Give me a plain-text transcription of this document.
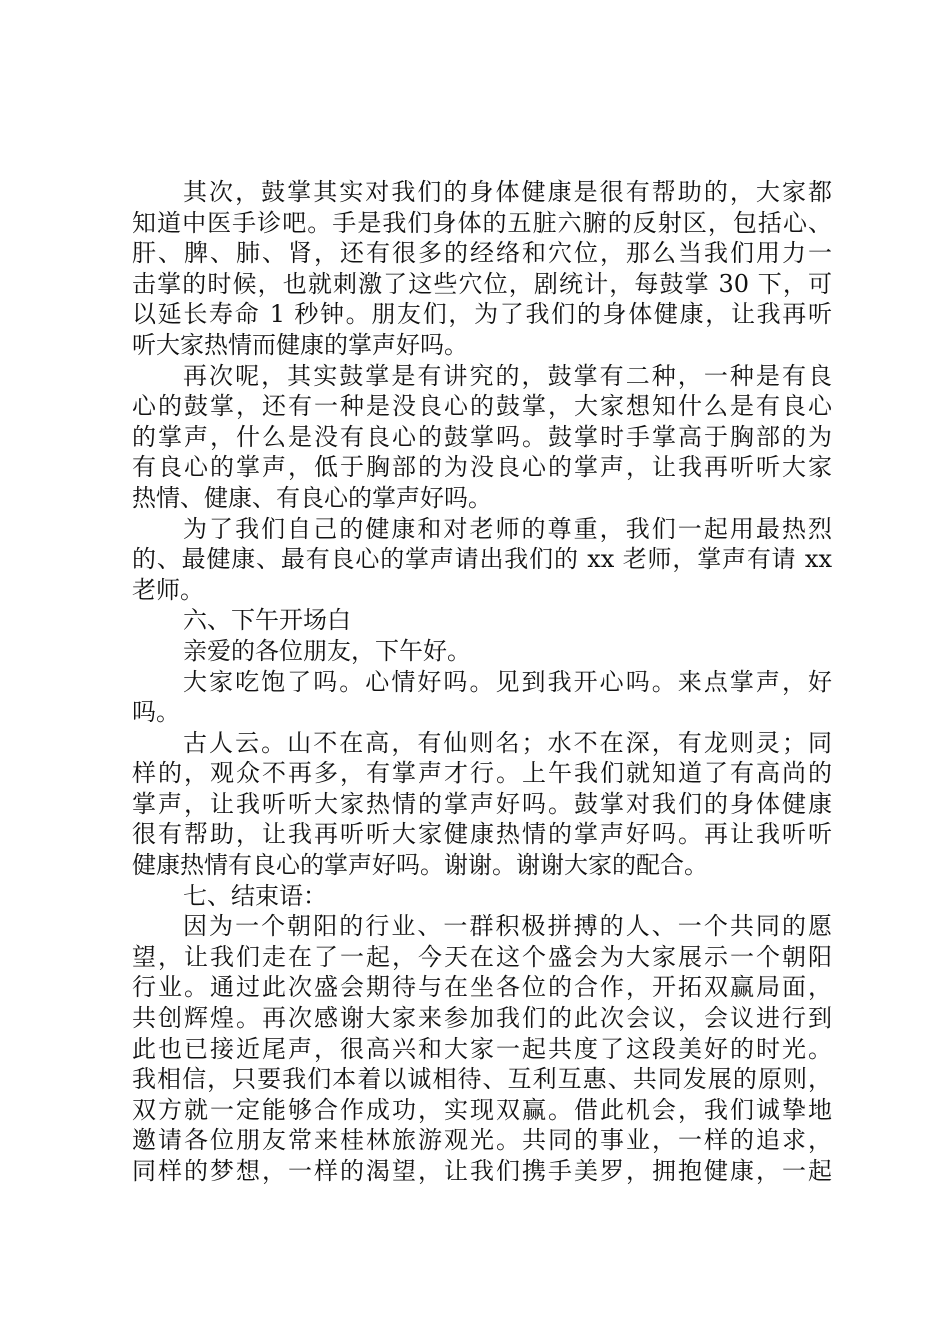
其次，鼓掌其实对我们的身体健康是很有帮助的，大家都
知道中医手诊吧。手是我们身体的五脏六腑的反射区，包括心、
肝、脾、肺、肾，还有很多的经络和穴位，那么当我们用力一
击掌的时候，也就刺激了这些穴位，剧统计，每鼓掌 30 下，可
以延长寿命 1 秒钟。朋友们，为了我们的身体健康，让我再听
听大家热情而健康的掌声好吗。
再次呢，其实鼓掌是有讲究的，鼓掌有二种，一种是有良
心的鼓掌，还有一种是没良心的鼓掌，大家想知什么是有良心
的掌声，什么是没有良心的鼓掌吗。鼓掌时手掌高于胸部的为
有良心的掌声，低于胸部的为没良心的掌声，让我再听听大家
热情、健康、有良心的掌声好吗。
为了我们自己的健康和对老师的尊重，我们一起用最热烈
的、最健康、最有良心的掌声请出我们的 xx 老师，掌声有请 xx
老师。
六、下午开场白
亲爱的各位朋友，下午好。
大家吃饱了吗。心情好吗。见到我开心吗。来点掌声，好
吗。
古人云。山不在高，有仙则名；水不在深，有龙则灵；同
样的，观众不再多，有掌声才行。上午我们就知道了有高尚的
掌声，让我听听大家热情的掌声好吗。鼓掌对我们的身体健康
很有帮助，让我再听听大家健康热情的掌声好吗。再让我听听
健康热情有良心的掌声好吗。谢谢。谢谢大家的配合。
七、结束语：
因为一个朝阳的行业、一群积极拼搏的人、一个共同的愿
望，让我们走在了一起，今天在这个盛会为大家展示一个朝阳
行业。通过此次盛会期待与在坐各位的合作，开拓双赢局面，
共创辉煌。再次感谢大家来参加我们的此次会议，会议进行到
此也已接近尾声，很高兴和大家一起共度了这段美好的时光。
我相信，只要我们本着以诚相待、互利互惠、共同发展的原则，
双方就一定能够合作成功，实现双赢。借此机会，我们诚挚地
邀请各位朋友常来桂林旅游观光。共同的事业，一样的追求，
同样的梦想，一样的渴望，让我们携手美罗，拥抱健康，一起
